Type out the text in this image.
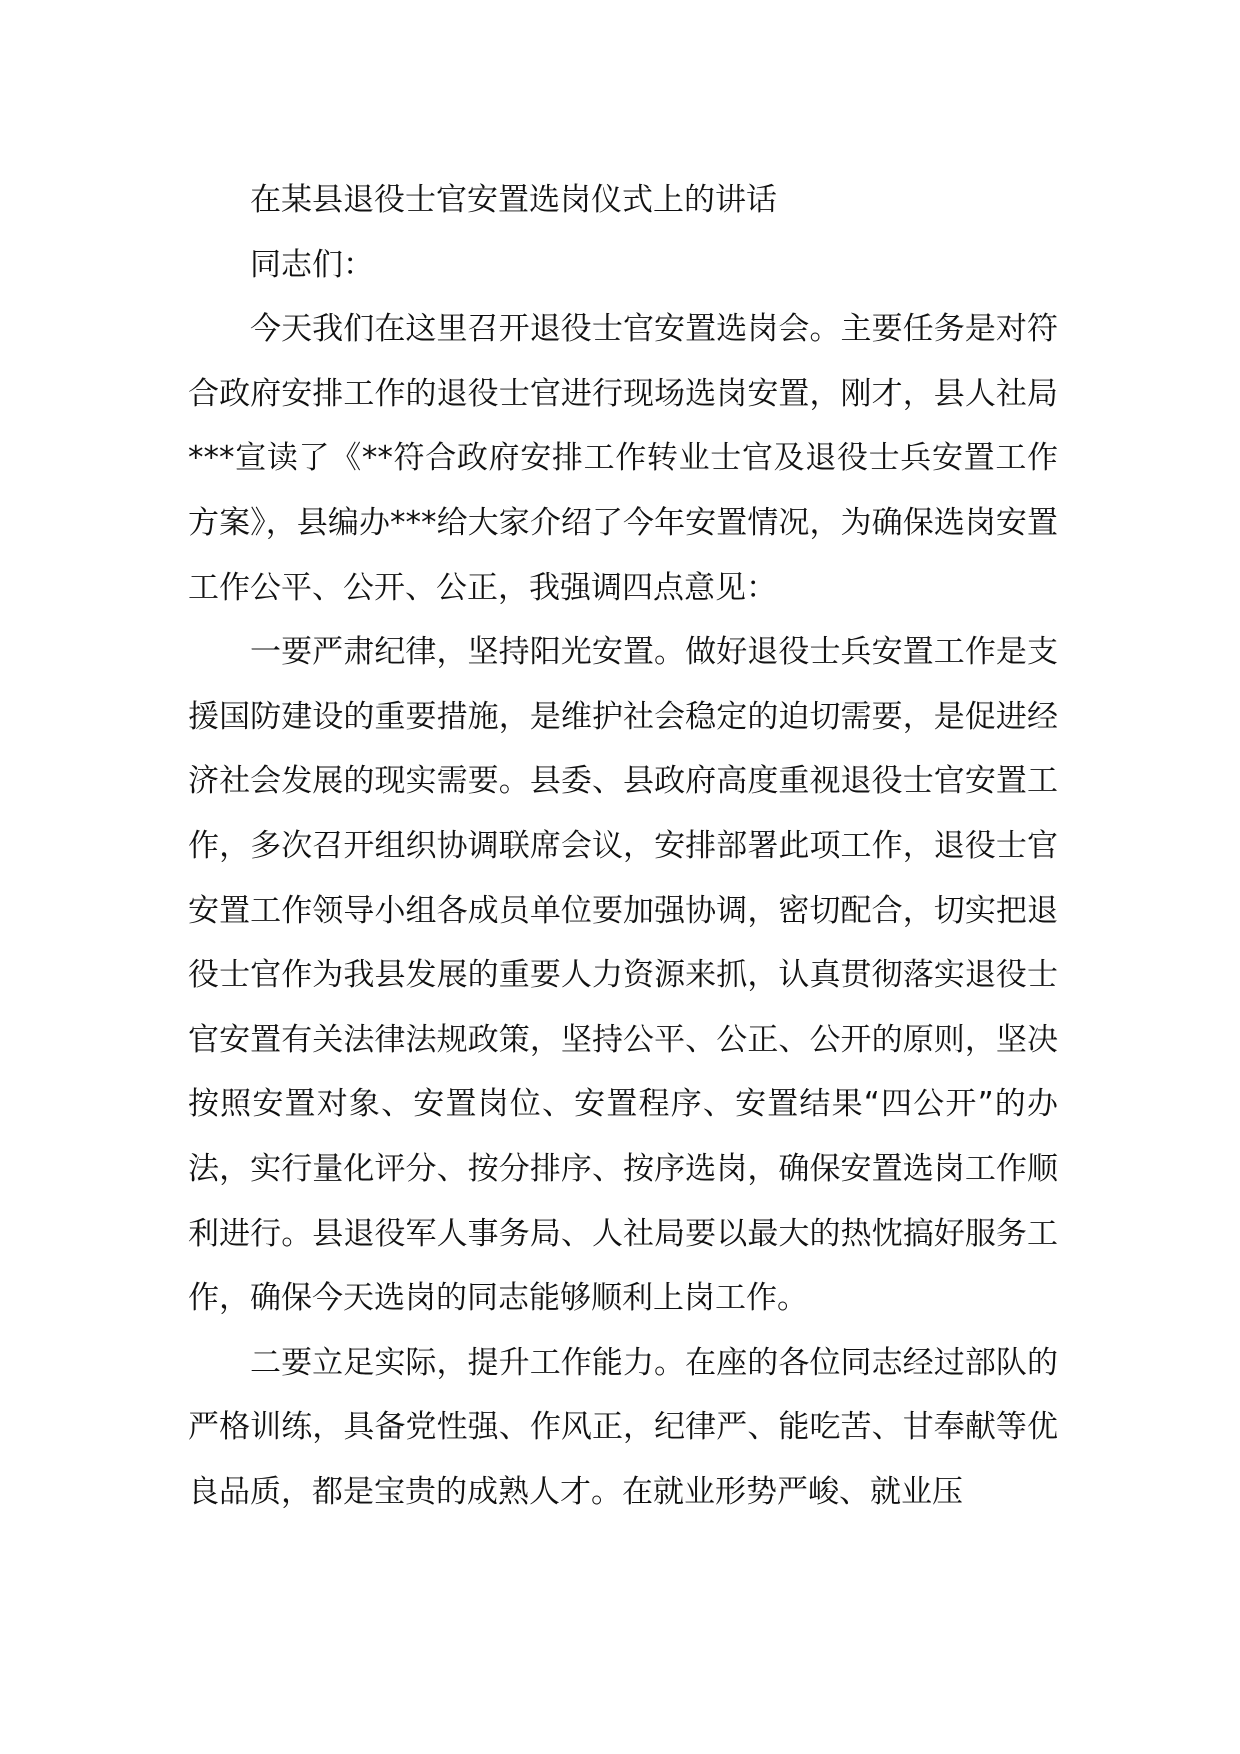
在某县退役士官安置选岗仪式上的讲话

同志们：

今天我们在这里召开退役士官安置选岗会。主要任务是对符合政府安排工作的退役士官进行现场选岗安置，刚才，县人社局***宣读了《**符合政府安排工作转业士官及退役士兵安置工作方案》，县编办***给大家介绍了今年安置情况，为确保选岗安置工作公平、公开、公正，我强调四点意见：

一要严肃纪律，坚持阳光安置。做好退役士兵安置工作是支援国防建设的重要措施，是维护社会稳定的迫切需要，是促进经济社会发展的现实需要。县委、县政府高度重视退役士官安置工作，多次召开组织协调联席会议，安排部署此项工作，退役士官安置工作领导小组各成员单位要加强协调，密切配合，切实把退役士官作为我县发展的重要人力资源来抓，认真贯彻落实退役士官安置有关法律法规政策，坚持公平、公正、公开的原则，坚决按照安置对象、安置岗位、安置程序、安置结果“四公开”的办法，实行量化评分、按分排序、按序选岗，确保安置选岗工作顺利进行。县退役军人事务局、人社局要以最大的热忱搞好服务工作，确保今天选岗的同志能够顺利上岗工作。

二要立足实际，提升工作能力。在座的各位同志经过部队的严格训练，具备党性强、作风正，纪律严、能吃苦、甘奉献等优良品质，都是宝贵的成熟人才。在就业形势严峻、就业压
